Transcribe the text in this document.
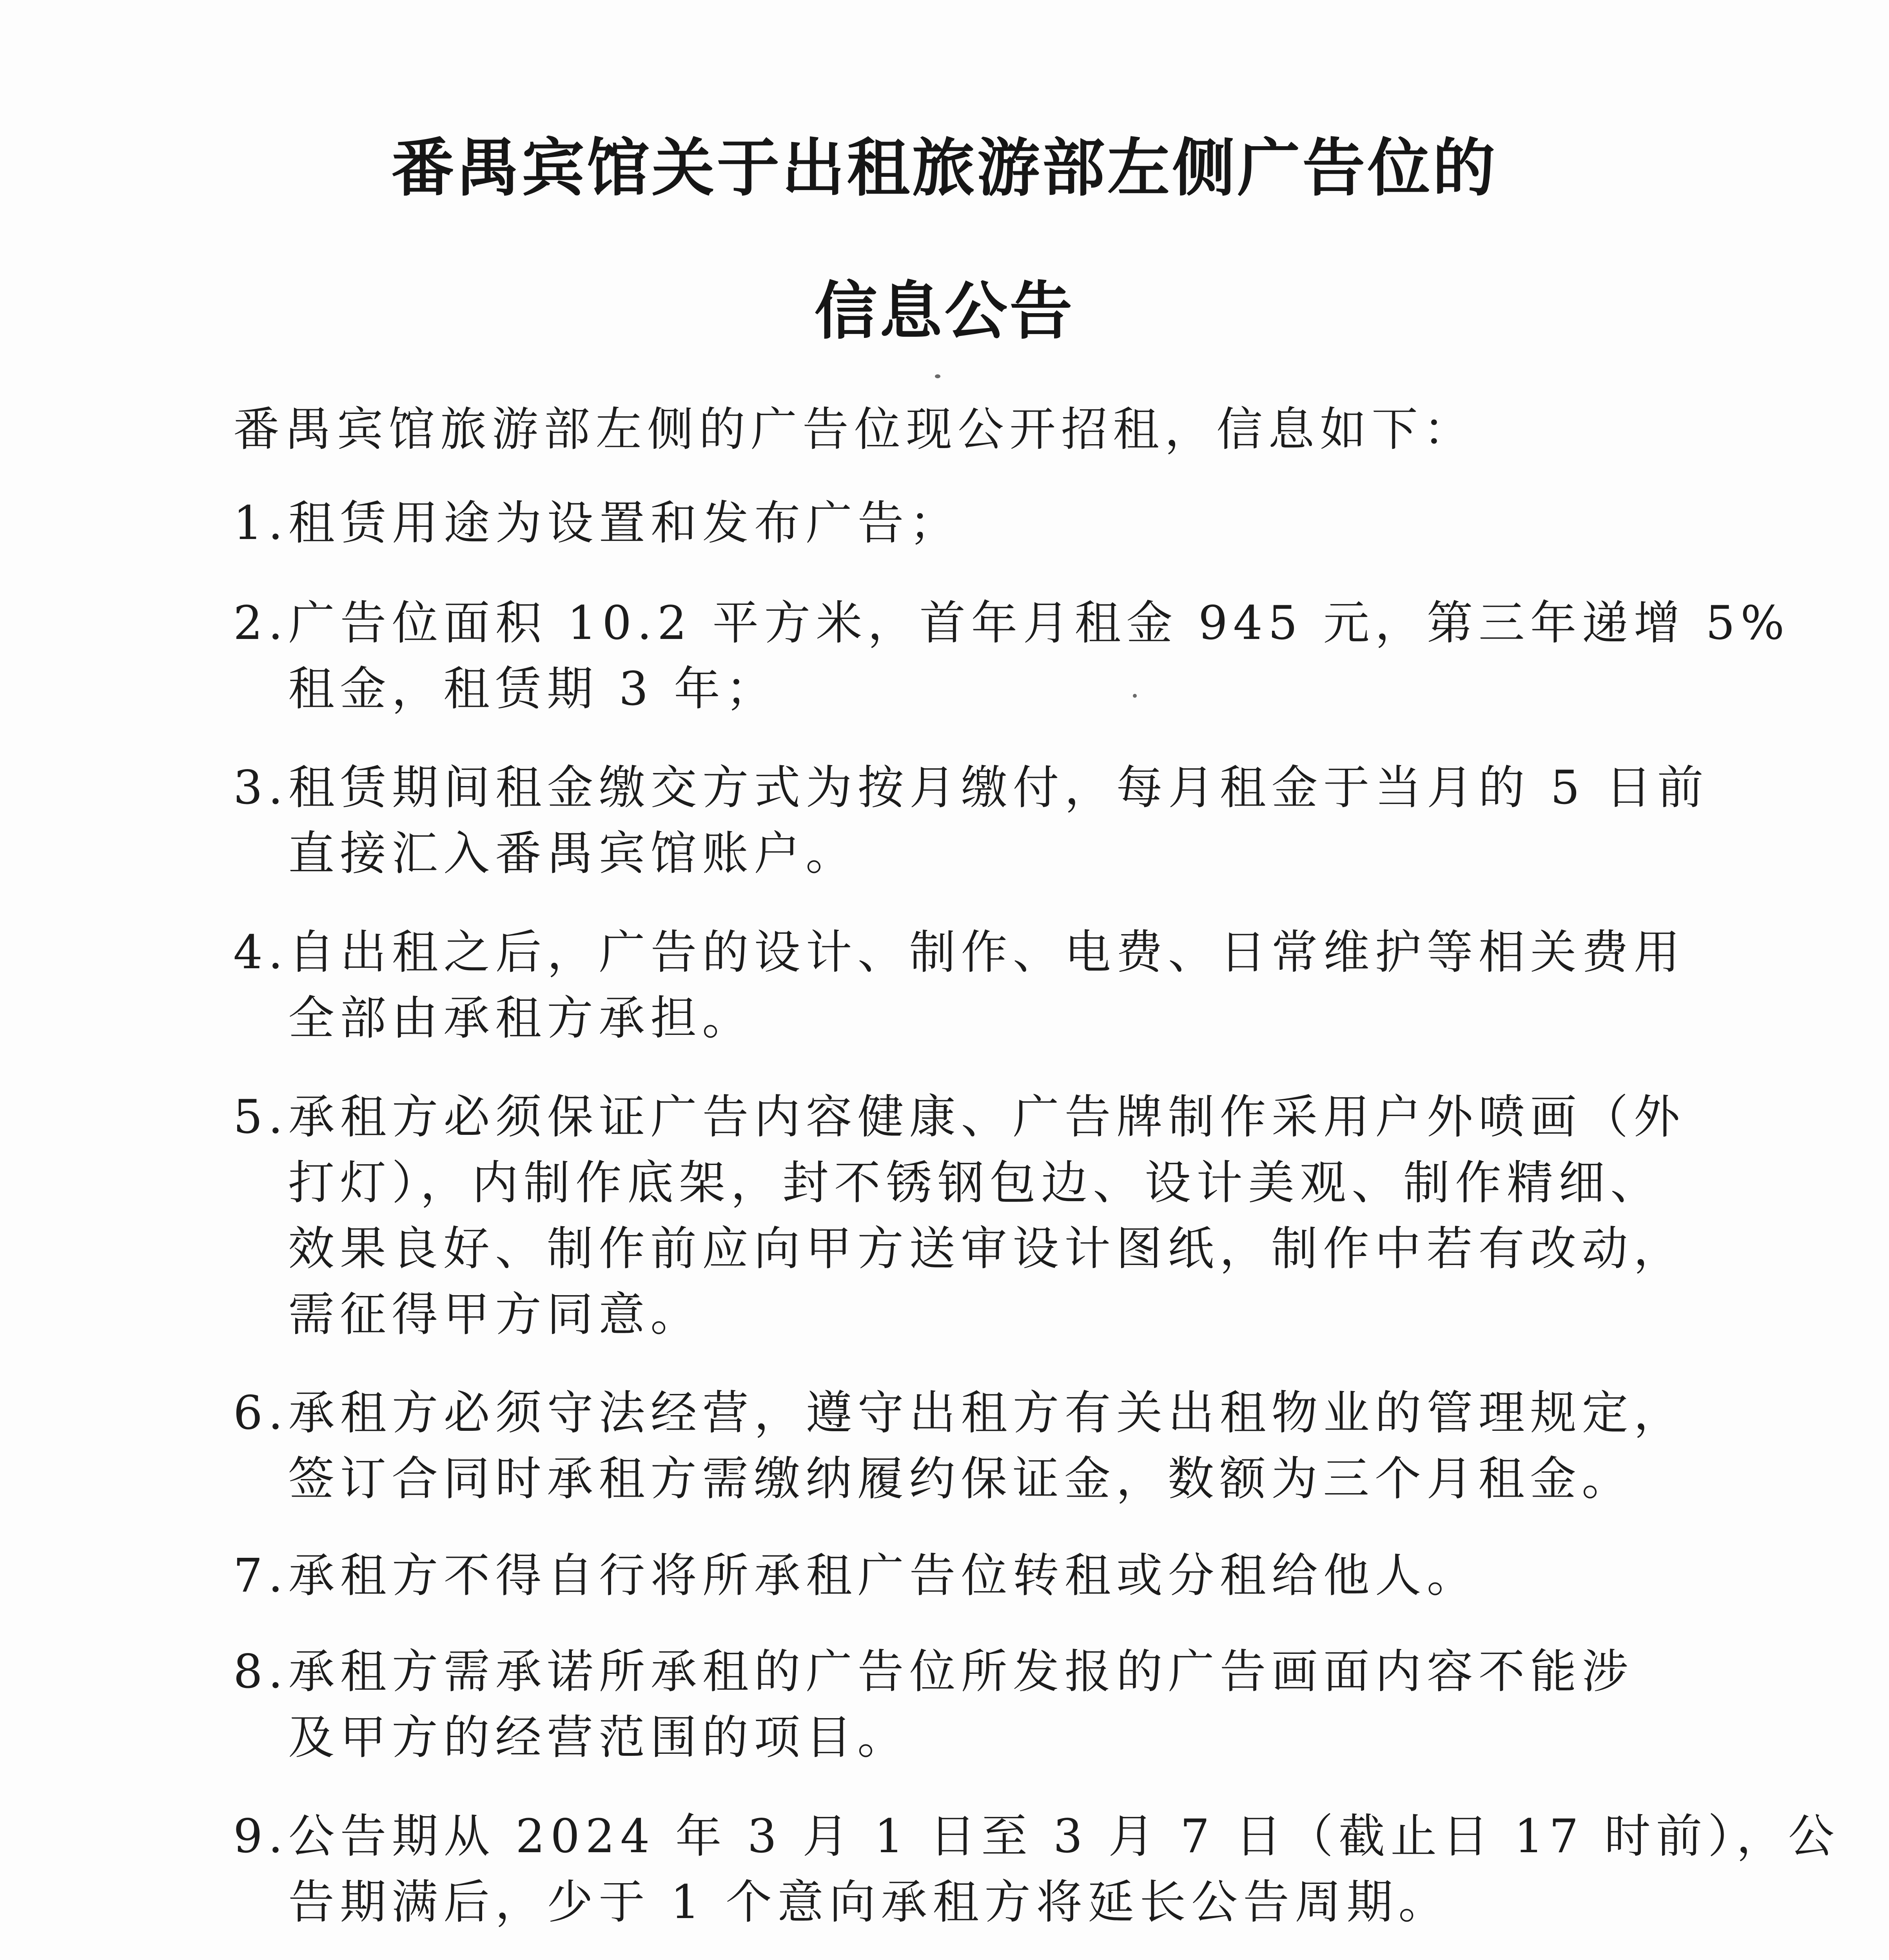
番禺宾馆关于出租旅游部左侧广告位的
信息公告
番禺宾馆旅游部左侧的广告位现公开招租，信息如下：
1.租赁用途为设置和发布广告；
2.广告位面积 10.2 平方米，首年月租金 945 元，第三年递增 5%
租金，租赁期 3 年；
3.租赁期间租金缴交方式为按月缴付，每月租金于当月的 5 日前
直接汇入番禺宾馆账户。
4.自出租之后，广告的设计、制作、电费、日常维护等相关费用
全部由承租方承担。
5.承租方必须保证广告内容健康、广告牌制作采用户外喷画（外
打灯），内制作底架，封不锈钢包边、设计美观、制作精细、
效果良好、制作前应向甲方送审设计图纸，制作中若有改动，
需征得甲方同意。
6.承租方必须守法经营，遵守出租方有关出租物业的管理规定，
签订合同时承租方需缴纳履约保证金，数额为三个月租金。
7.承租方不得自行将所承租广告位转租或分租给他人。
8.承租方需承诺所承租的广告位所发报的广告画面内容不能涉
及甲方的经营范围的项目。
9.公告期从 2024 年 3 月 1 日至 3 月 7 日（截止日 17 时前），公
告期满后，少于 1 个意向承租方将延长公告周期。
